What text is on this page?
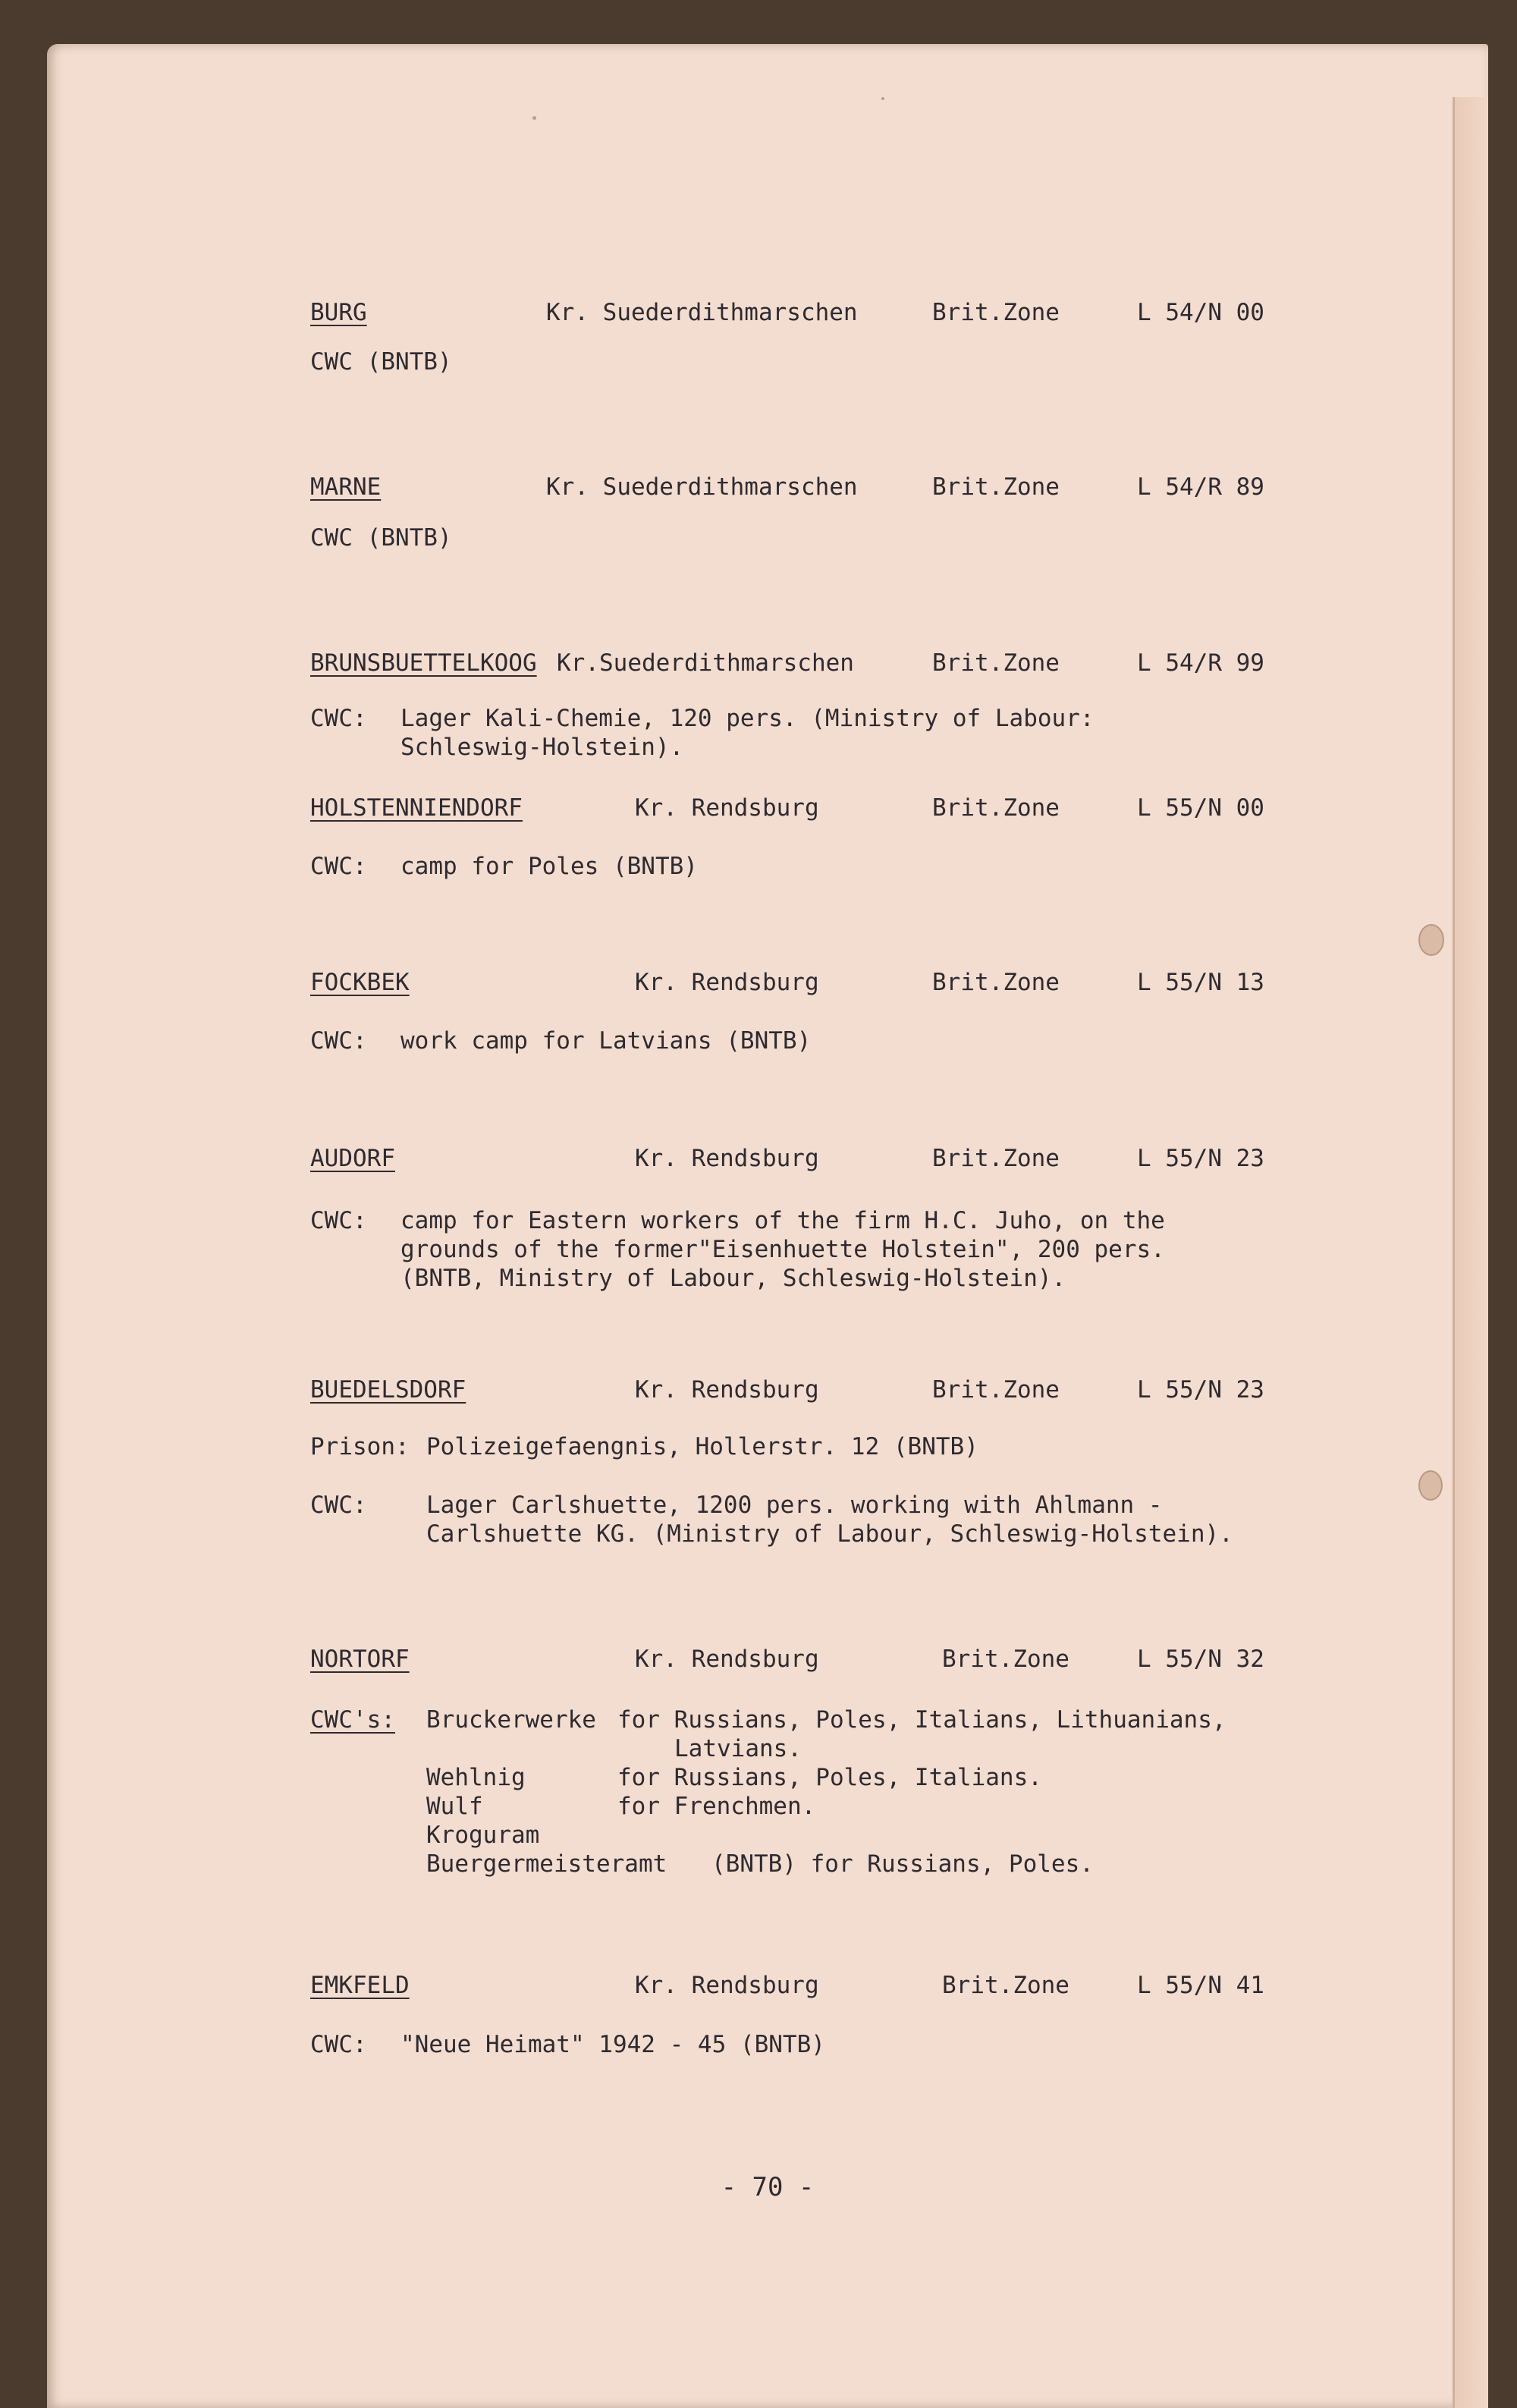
BURG	Kr. Suederdithmarschen	Brit.Zone	L 54/N 00
CWC (BNTB)
MARNE	Kr. Suederdithmarschen	Brit.Zone	L 54/R 89
CWC (BNTB)
BRUNSBUETTELKOOG Kr.Suederdithmarschen	Brit.Zone	L 54/R 99
CWC: Lager Kali-Chemie, 120 pers. (Ministry of Labour:
Schleswig-Holstein).
HOLSTENNIENDORF	Kr. Rendsburg	Brit.Zone	L 55/N 00
CWC: camp for Poles (BNTB)
FOCKBEK	Kr. Rendsburg	Brit.Zone	L 55/N 13
CWC: work camp for Latvians (BNTB)
AUDORF	Kr. Rendsburg	Brit.Zone	L 55/N 23
CWC: camp for Eastern workers of the firm H.C. Juho, on the
grounds of the former"Eisenhuette Holstein", 200 pers.
(BNTB, Ministry of Labour, Schleswig-Holstein).
BUEDELSDORF	Kr. Rendsburg	Brit.Zone	L 55/N 23
Prison: Polizeigefaengnis, Hollerstr. 12 (BNTB)
CWC:	Lager Carlshuette, 1200 pers. working with Ahlmann -
Carlshuette KG. (Ministry of Labour, Schleswig-Holstein).
NORTORF	Kr. Rendsburg	Brit.Zone	L 55/N 32
CWC's: Bruckerwerke for Russians, Poles, Italians, Lithuanians,
Latvians.
Wehlnig	for Russians, Poles, Italians.
Wulf	for Frenchmen.
Kroguram
Buergermeisteramt (BNTB) for Russians, Poles.
EMKFELD	Kr. Rendsburg	Brit.Zone	L 55/N 41
CWC: "Neue Heimat" 1942 - 45 (BNTB)
- 70 -
